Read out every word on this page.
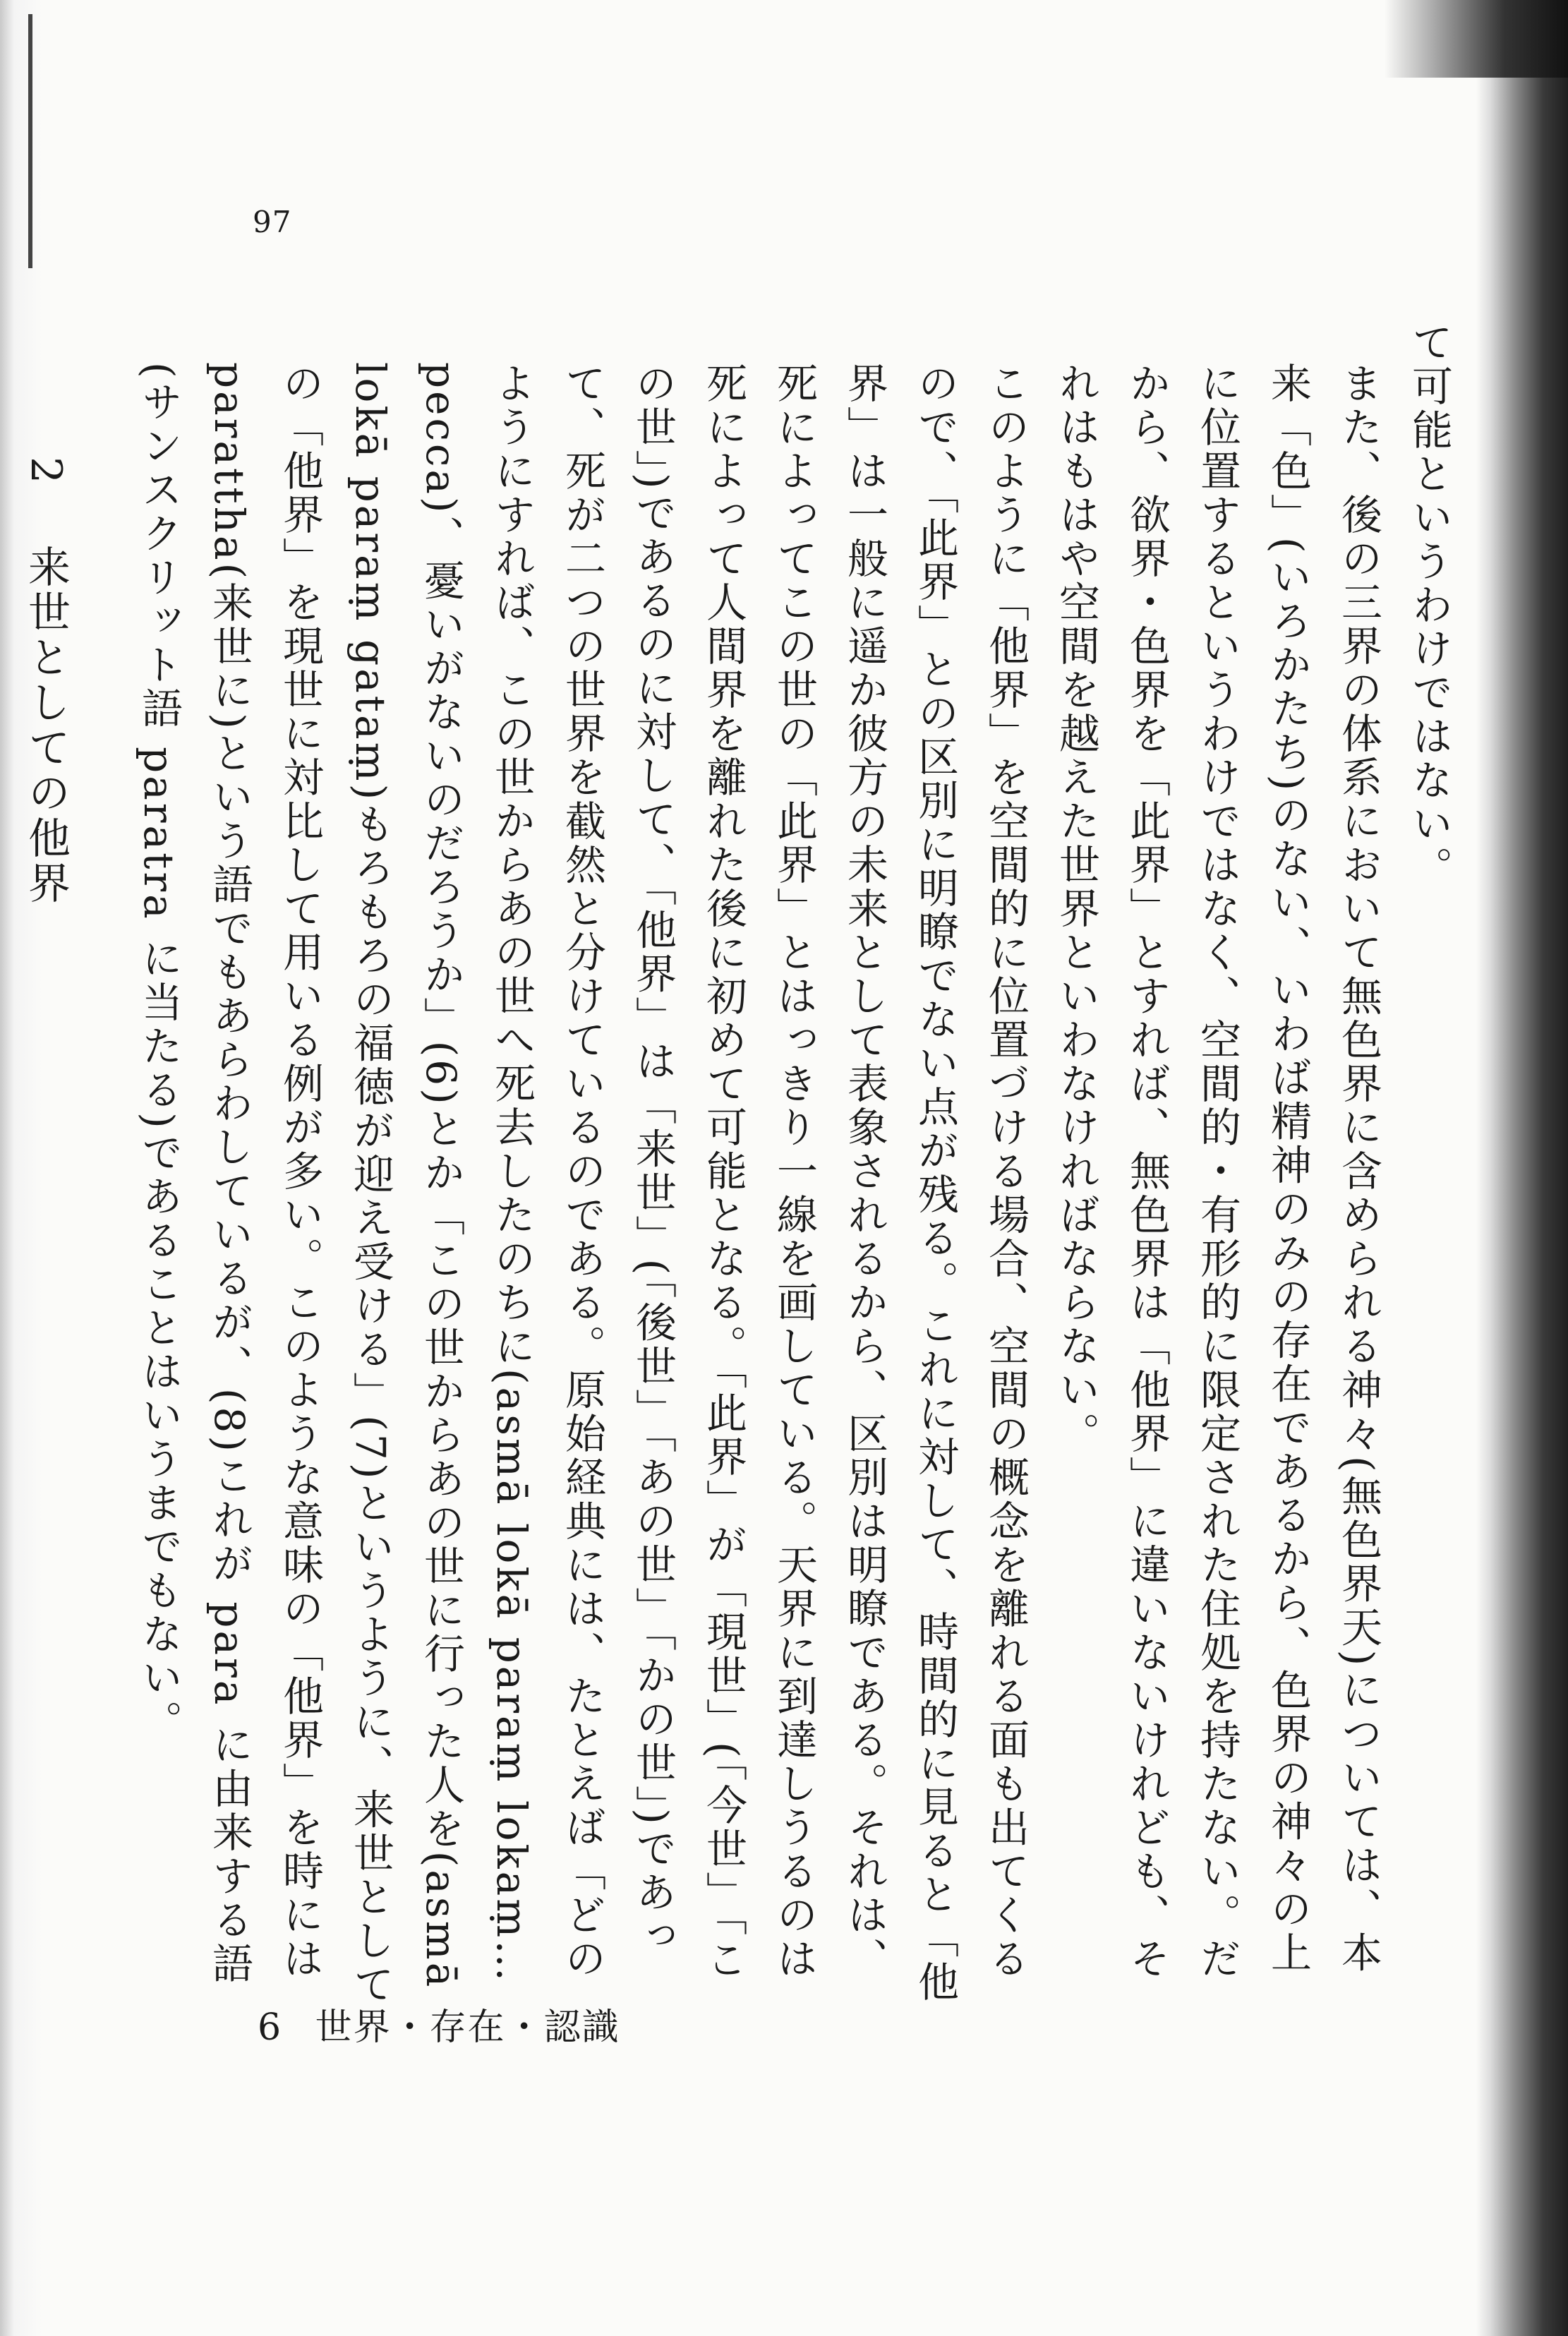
97

て可能というわけではない。

また、後の三界の体系において無色界に含められる神々(無色界天)については、本来「色」(いろかたち)のない、いわば精神のみの存在であるから、色界の神々の上に位置するというわけではなく、空間的・有形的に限定された住処を持たない。だから、欲界・色界を「此界」とすれば、無色界は「他界」に違いないけれども、それはもはや空間を越えた世界といわなければならない。

このように「他界」を空間的に位置づける場合、空間の概念を離れる面も出てくるので、「此界」との区別に明瞭でない点が残る。これに対して、時間的に見ると「他界」は一般に遥か彼方の未来として表象されるから、区別は明瞭である。それは、死によってこの世の「此界」とはっきり一線を画している。天界に到達しうるのは死によって人間界を離れた後に初めて可能となる。「此界」が「現世」(「今世」「この世」)であるのに対して、「他界」は「来世」(「後世」「あの世」「かの世」)であって、死が二つの世界を截然と分けているのである。原始経典には、たとえば「どのようにすれば、この世からあの世へ死去したのちに(asmā lokā paraṃ lokaṃ…pecca)、憂いがないのだろうか」(6)とか「この世からあの世に行った人を(asmā lokā paraṃ gataṃ)もろもろの福徳が迎え受ける」(7)というように、来世としての「他界」を現世に対比して用いる例が多い。このような意味の「他界」を時には parattha(来世に)という語でもあらわしているが、(8)これが para に由来する語(サンスクリット語 paratra に当たる)であることはいうまでもない。

2 来世としての他界

6 世界・存在・認識
